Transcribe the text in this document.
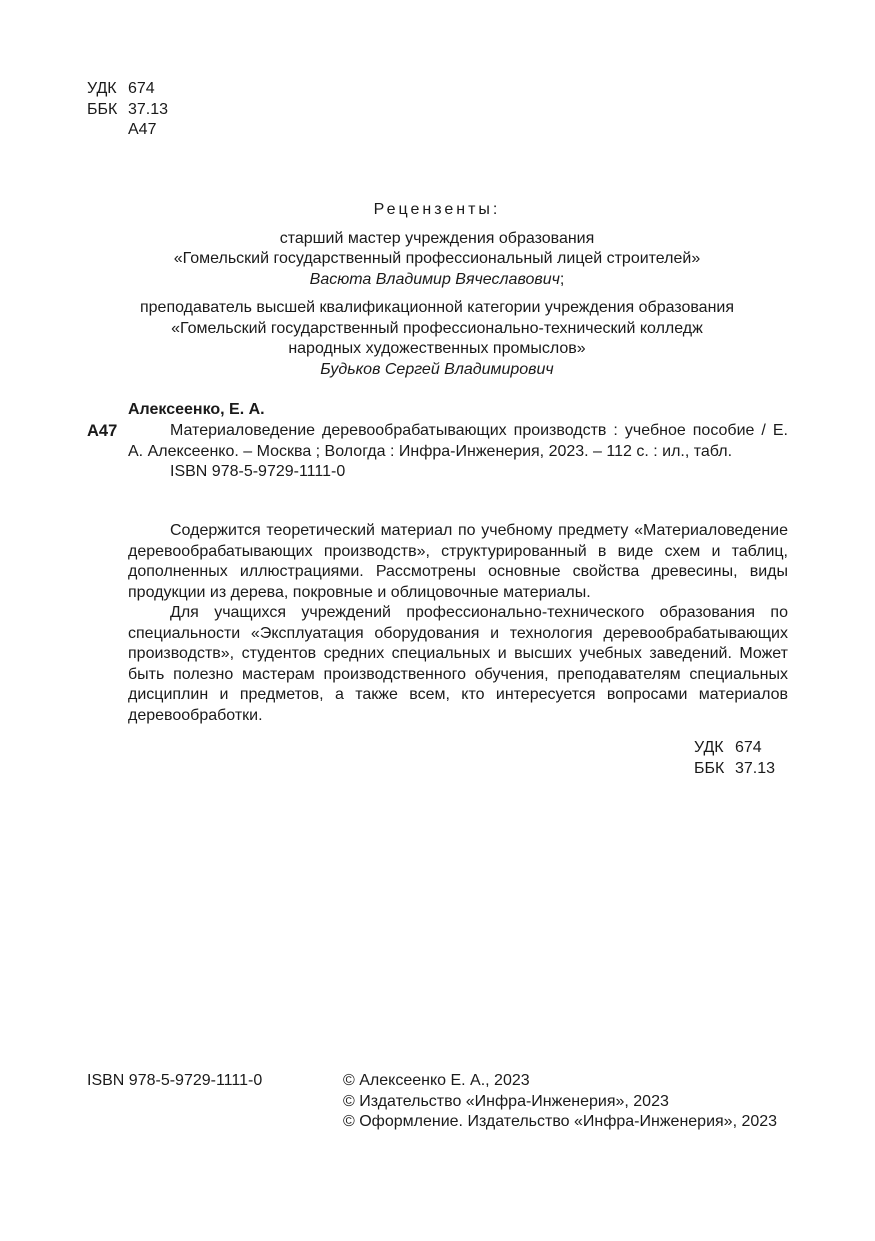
УДК 674
ББК 37.13
А47
Рецензенты:
старший мастер учреждения образования
«Гомельский государственный профессиональный лицей строителей»
Васюта Владимир Вячеславович;
преподаватель высшей квалификационной категории учреждения образования
«Гомельский государственный профессионально-технический колледж
народных художественных промыслов»
Будьков Сергей Владимирович
Алексеенко, Е. А.
А47	Материаловедение деревообрабатывающих производств : учебное пособие / Е. А. Алексеенко. – Москва ; Вологда : Инфра-Инженерия, 2023. – 112 с. : ил., табл.
ISBN 978-5-9729-1111-0

Содержится теоретический материал по учебному предмету «Материаловедение деревообрабатывающих производств», структурированный в виде схем и таблиц, дополненных иллюстрациями. Рассмотрены основные свойства древесины, виды продукции из дерева, покровные и облицовочные материалы.

Для учащихся учреждений профессионально-технического образования по специальности «Эксплуатация оборудования и технология деревообрабатывающих производств», студентов средних специальных и высших учебных заведений. Может быть полезно мастерам производственного обучения, преподавателям специальных дисциплин и предметов, а также всем, кто интересуется вопросами материалов деревообработки.

УДК 674
ББК 37.13
ISBN 978-5-9729-1111-0	© Алексеенко Е. А., 2023
© Издательство «Инфра-Инженерия», 2023
© Оформление. Издательство «Инфра-Инженерия», 2023
